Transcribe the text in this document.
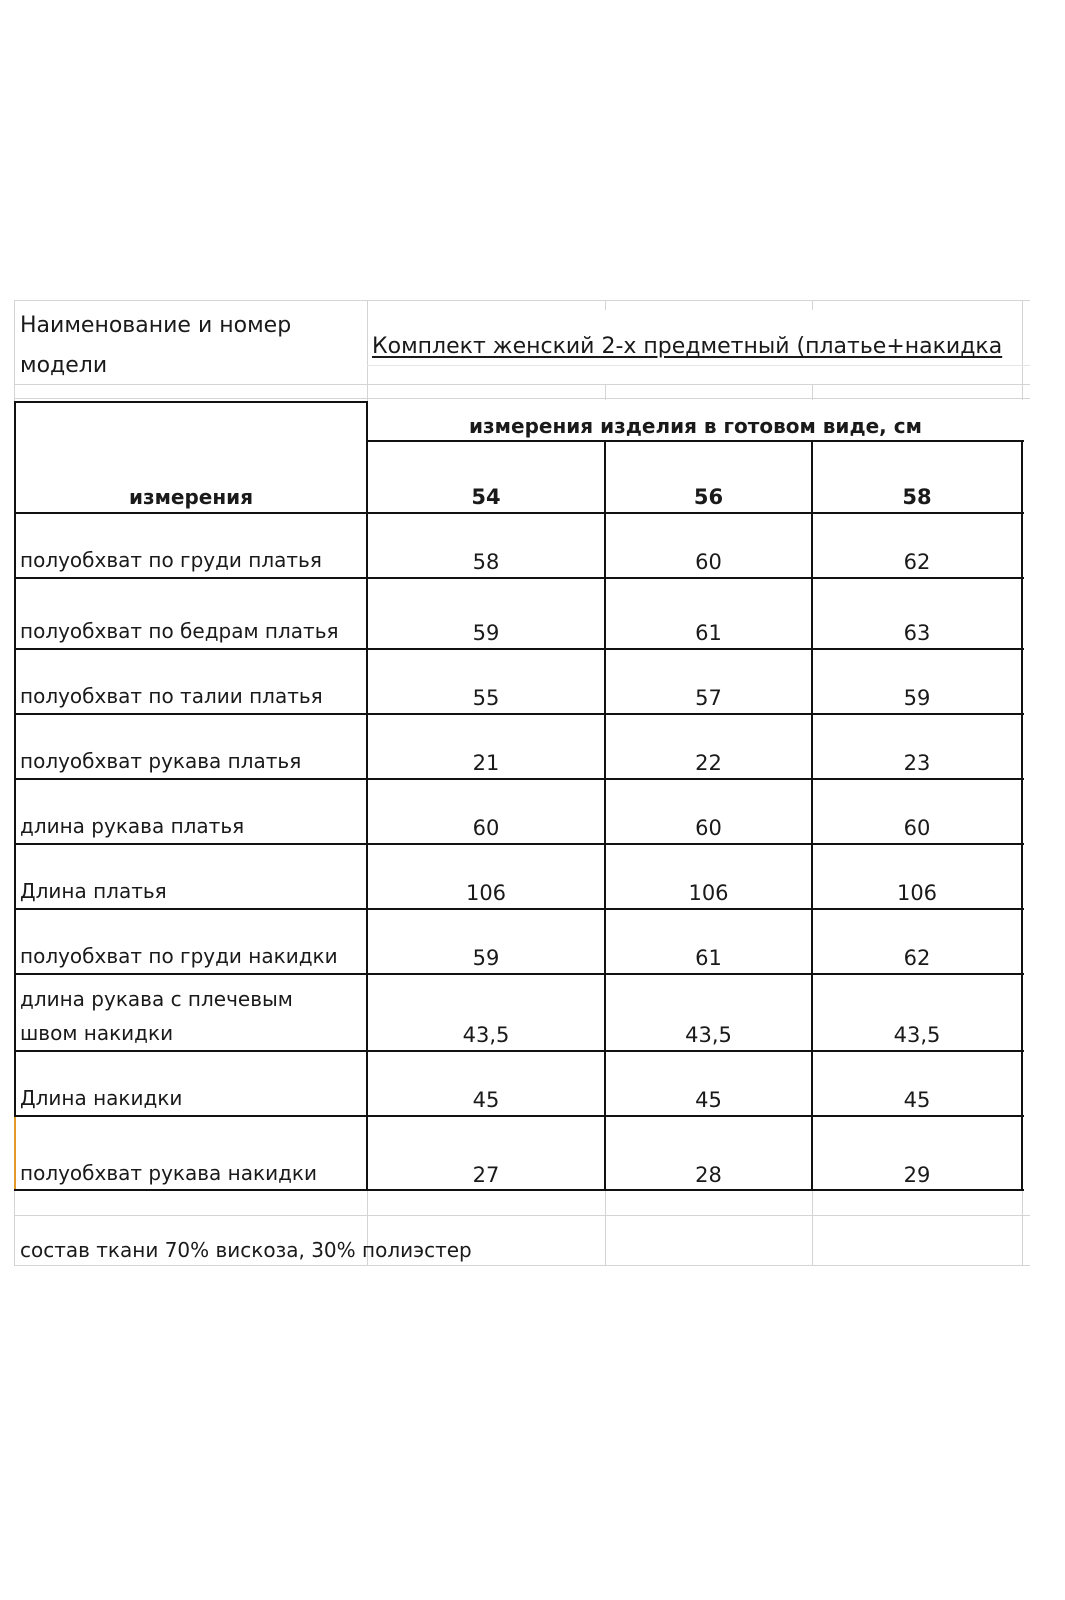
Наименование и номер
модели
Комплект женский 2-х предметный (платье+накидка
измерения изделия в готовом виде, см
измерения	54	56	58
полуобхват по груди платья	58	60	62
полуобхват по бедрам платья	59	61	63
полуобхват по талии платья	55	57	59
полуобхват рукава платья	21	22	23
длина рукава платья	60	60	60
Длина платья	106	106	106
полуобхват по груди накидки	59	61	62
длина рукава с плечевым
швом накидки	43,5	43,5	43,5
Длина накидки	45	45	45
полуобхват рукава накидки	27	28	29
состав ткани 70% вискоза, 30% полиэстер
